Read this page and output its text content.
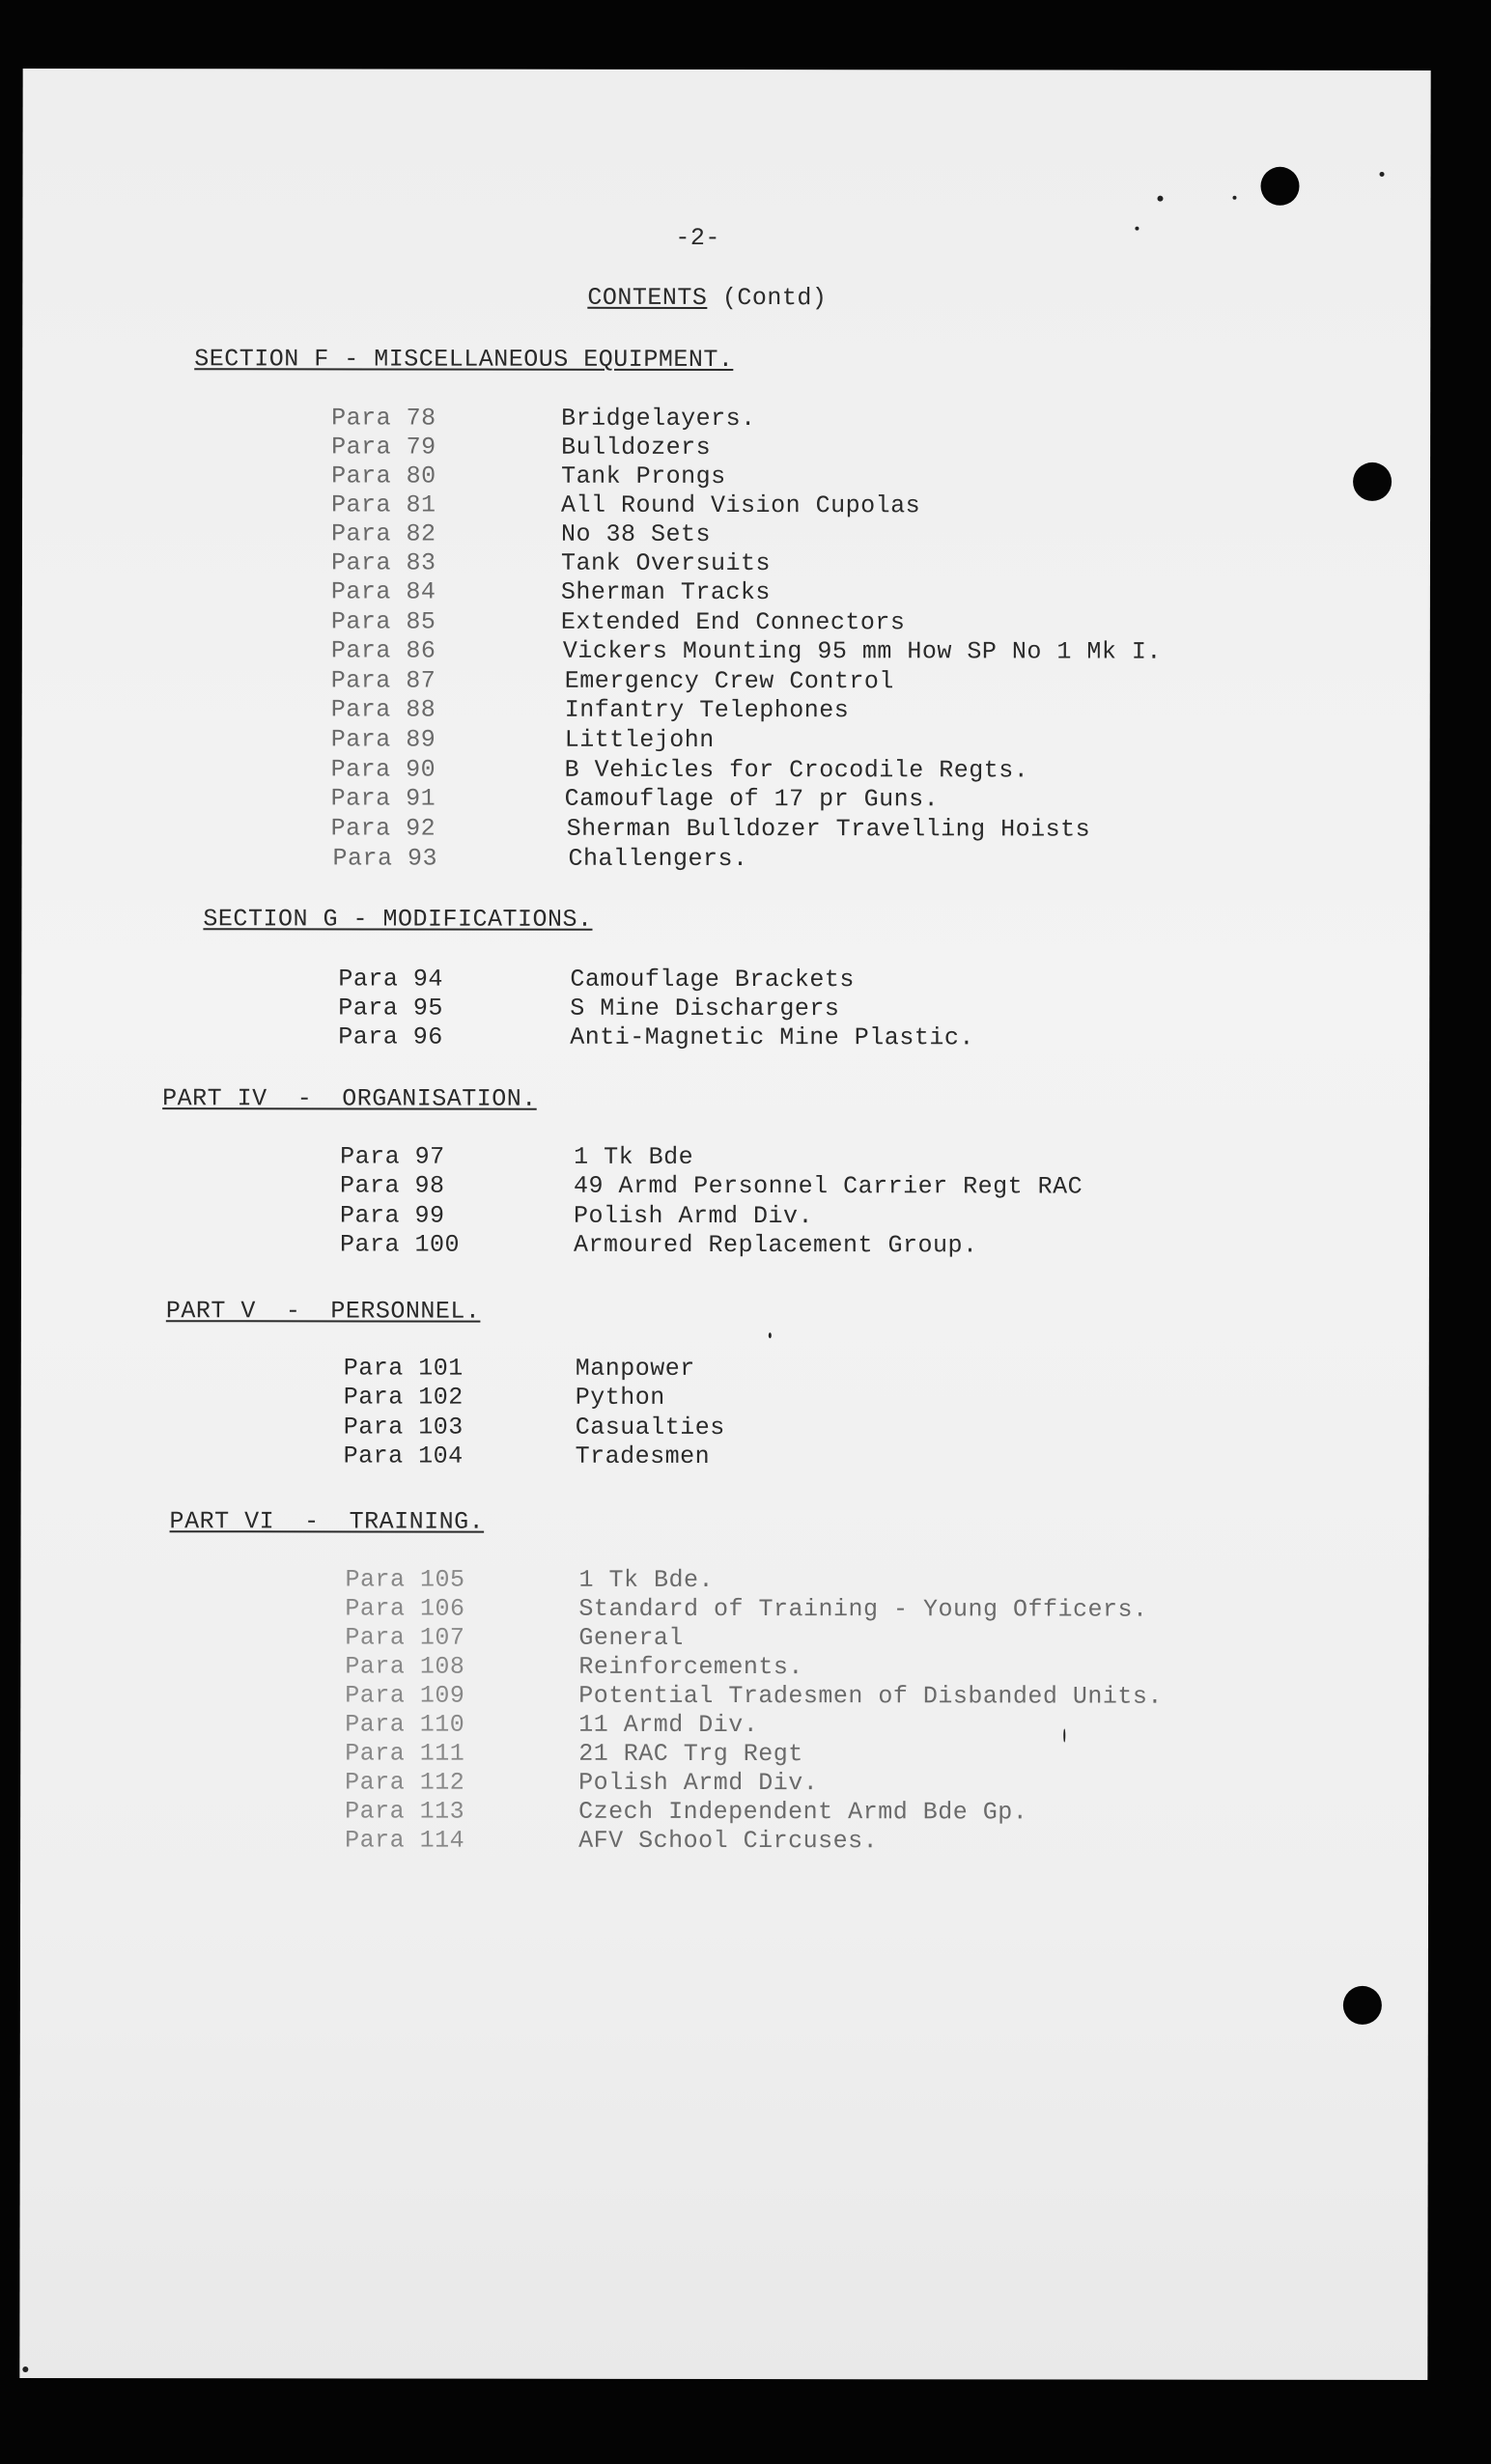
-2-
CONTENTS (Contd)
SECTION F - MISCELLANEOUS EQUIPMENT.
Para 78	Bridgelayers.
Para 79	Bulldozers
Para 80	Tank Prongs
Para 81	All Round Vision Cupolas
Para 82	No 38 Sets
Para 83	Tank Oversuits
Para 84	Sherman Tracks
Para 85	Extended End Connectors
Para 86	Vickers Mounting 95 mm How SP No 1 Mk I.
Para 87	Emergency Crew Control
Para 88	Infantry Telephones
Para 89	Littlejohn
Para 90	B Vehicles for Crocodile Regts.
Para 91	Camouflage of 17 pr Guns.
Para 92	Sherman Bulldozer Travelling Hoists
Para 93	Challengers.
SECTION G - MODIFICATIONS.
Para 94	Camouflage Brackets
Para 95	S Mine Dischargers
Para 96	Anti-Magnetic Mine Plastic.
PART IV  -  ORGANISATION.
Para 97	1 Tk Bde
Para 98	49 Armd Personnel Carrier Regt RAC
Para 99	Polish Armd Div.
Para 100	Armoured Replacement Group.
PART V  -  PERSONNEL.
Para 101	Manpower
Para 102	Python
Para 103	Casualties
Para 104	Tradesmen
PART VI  -  TRAINING.
Para 105	1 Tk Bde.
Para 106	Standard of Training - Young Officers.
Para 107	General
Para 108	Reinforcements.
Para 109	Potential Tradesmen of Disbanded Units.
Para 110	11 Armd Div.
Para 111	21 RAC Trg Regt
Para 112	Polish Armd Div.
Para 113	Czech Independent Armd Bde Gp.
Para 114	AFV School Circuses.
